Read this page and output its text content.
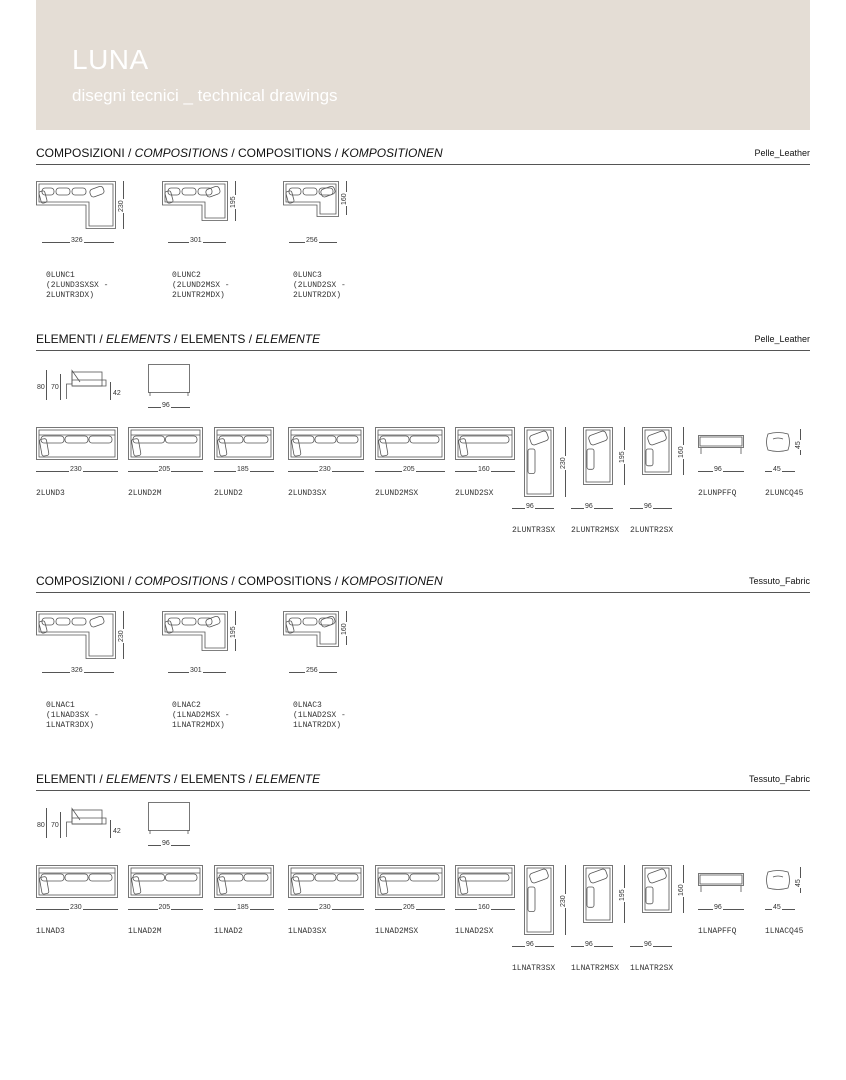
LUNA
disegni tecnici _ technical drawings
COMPOSIZIONI / COMPOSITIONS / COMPOSITIONS / KOMPOSITIONEN	Pelle_Leather
ELEMENTI / ELEMENTS / ELEMENTS / ELEMENTE	Pelle_Leather
COMPOSIZIONI / COMPOSITIONS / COMPOSITIONS / KOMPOSITIONEN	Tessuto_Fabric
ELEMENTI / ELEMENTS / ELEMENTS / ELEMENTE	Tessuto_Fabric
230
326
0LUNC1
(2LUND3SXSX -
2LUNTR3DX)
195
301
0LUNC2
(2LUND2MSX -
2LUNTR2MDX)
160
256
0LUNC3
(2LUND2SX -
2LUNTR2DX)
230
326
0LNAC1
(1LNAD3SX -
1LNATR3DX)
195
301
0LNAC2
(1LNAD2MSX -
1LNATR2MDX)
160
256
0LNAC3
(1LNAD2SX -
1LNATR2DX)
80 70
42
96
230
2LUND3
205
2LUND2M
185
2LUND2
230
2LUND3SX
205
2LUND2MSX
160
2LUND2SX
230
96
2LUNTR3SX
195
96
2LUNTR2MSX
160
96
2LUNTR2SX
96
2LUNPFFQ
45
45
2LUNCQ45
80 70
42
96
230
1LNAD3
205
1LNAD2M
185
1LNAD2
230
1LNAD3SX
205
1LNAD2MSX
160
1LNAD2SX
230
96
1LNATR3SX
195
96
1LNATR2MSX
160
96
1LNATR2SX
96
1LNAPFFQ
45
45
1LNACQ45
